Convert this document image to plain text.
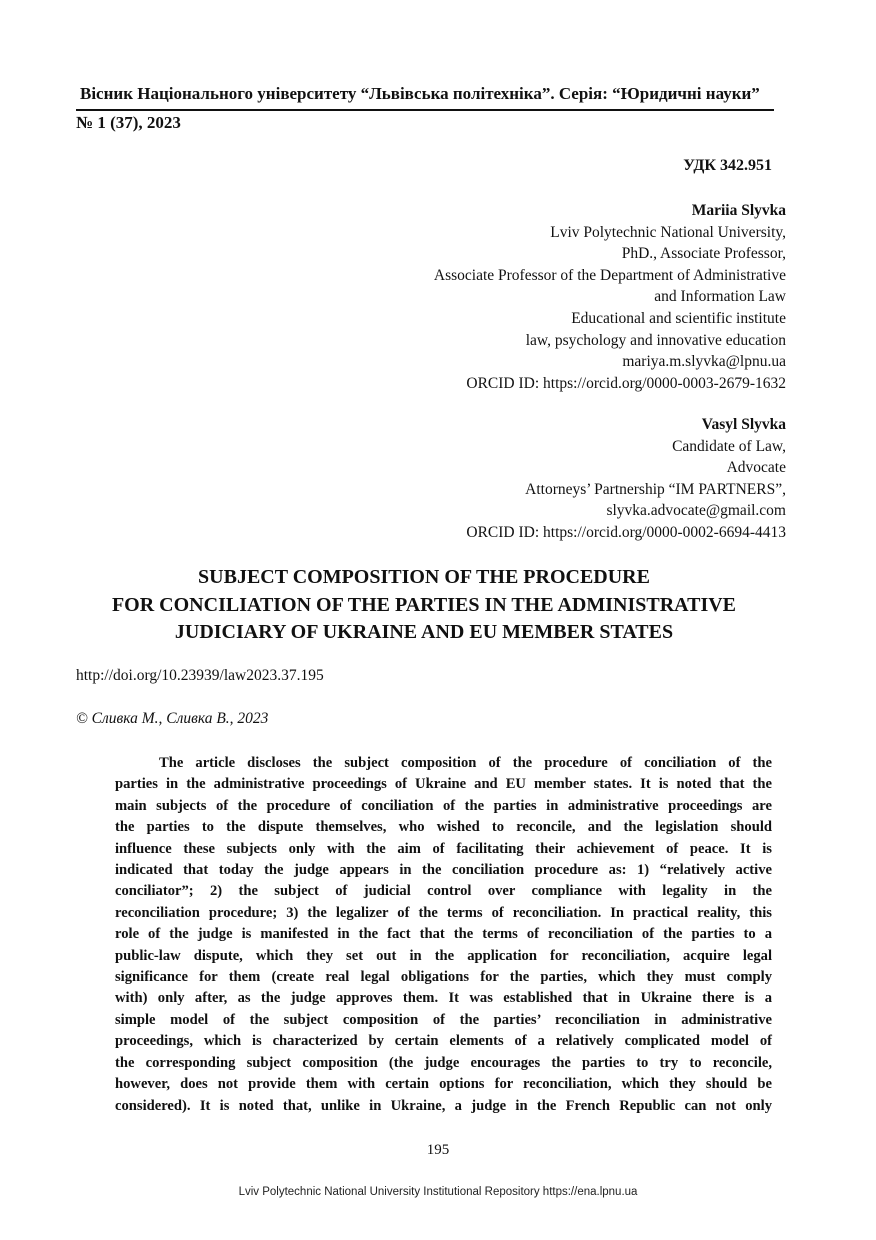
Вісник Національного університету “Львівська політехніка”. Серія: “Юридичні науки”
№ 1 (37), 2023
УДК 342.951
Mariia Slyvka
Lviv Polytechnic National University,
PhD., Associate Professor,
Associate Professor of the Department of Administrative
and Information Law
Educational and scientific institute
law, psychology and innovative education
mariya.m.slyvka@lpnu.ua
ORCID ID: https://orcid.org/0000-0003-2679-1632
Vasyl Slyvka
Candidate of Law,
Advocate
Attorneys’ Partnership “IM PARTNERS”,
slyvka.advocate@gmail.com
ORCID ID: https://orcid.org/0000-0002-6694-4413
SUBJECT COMPOSITION OF THE PROCEDURE
FOR CONCILIATION OF THE PARTIES IN THE ADMINISTRATIVE
JUDICIARY OF UKRAINE AND EU MEMBER STATES
http://doi.org/10.23939/law2023.37.195
© Сливка М., Сливка В., 2023
The article discloses the subject composition of the procedure of conciliation of the
parties in the administrative proceedings of Ukraine and EU member states. It is noted that the
main subjects of the procedure of conciliation of the parties in administrative proceedings are
the parties to the dispute themselves, who wished to reconcile, and the legislation should
influence these subjects only with the aim of facilitating their achievement of peace. It is
indicated that today the judge appears in the conciliation procedure as: 1) “relatively active
conciliator”; 2) the subject of judicial control over compliance with legality in the
reconciliation procedure; 3) the legalizer of the terms of reconciliation. In practical reality, this
role of the judge is manifested in the fact that the terms of reconciliation of the parties to a
public-law dispute, which they set out in the application for reconciliation, acquire legal
significance for them (create real legal obligations for the parties, which they must comply
with) only after, as the judge approves them. It was established that in Ukraine there is a
simple model of the subject composition of the parties’ reconciliation in administrative
proceedings, which is characterized by certain elements of a relatively complicated model of
the corresponding subject composition (the judge encourages the parties to try to reconcile,
however, does not provide them with certain options for reconciliation, which they should be
considered). It is noted that, unlike in Ukraine, a judge in the French Republic can not only
195
Lviv Polytechnic National University Institutional Repository https://ena.lpnu.ua
